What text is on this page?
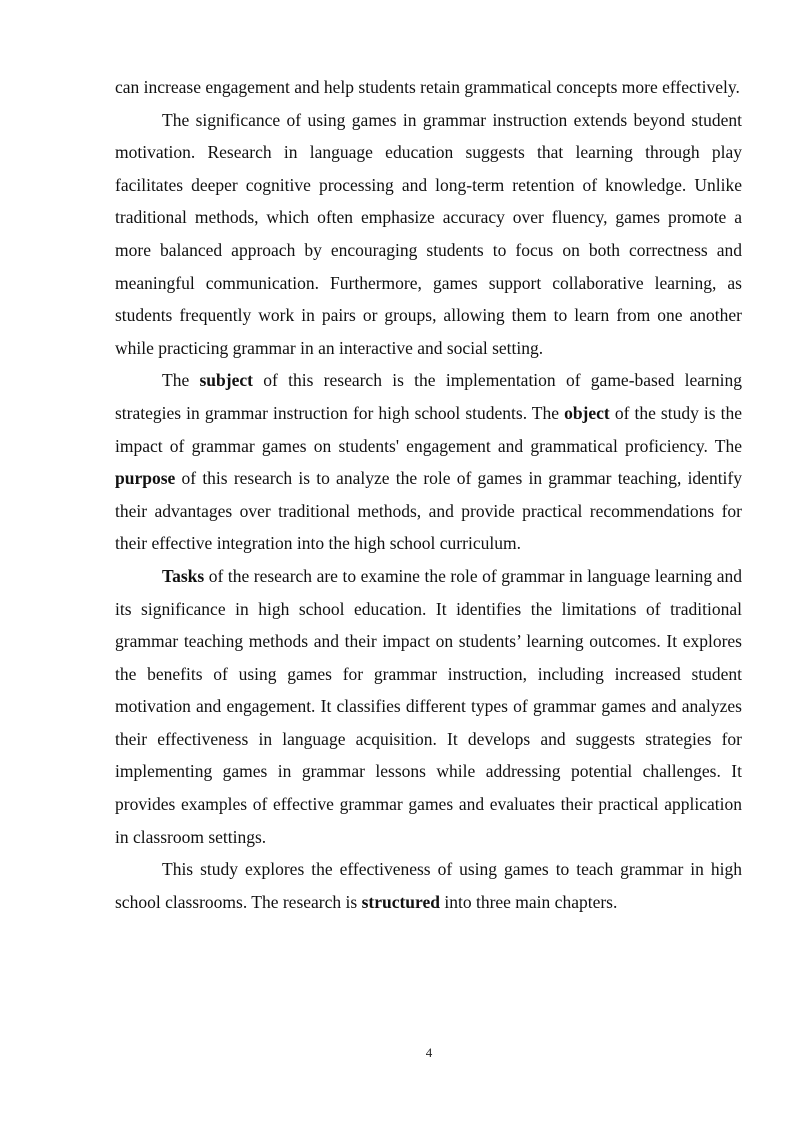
can increase engagement and help students retain grammatical concepts more effectively.

The significance of using games in grammar instruction extends beyond student motivation. Research in language education suggests that learning through play facilitates deeper cognitive processing and long-term retention of knowledge. Unlike traditional methods, which often emphasize accuracy over fluency, games promote a more balanced approach by encouraging students to focus on both correctness and meaningful communication. Furthermore, games support collaborative learning, as students frequently work in pairs or groups, allowing them to learn from one another while practicing grammar in an interactive and social setting.

The subject of this research is the implementation of game-based learning strategies in grammar instruction for high school students. The object of the study is the impact of grammar games on students' engagement and grammatical proficiency. The purpose of this research is to analyze the role of games in grammar teaching, identify their advantages over traditional methods, and provide practical recommendations for their effective integration into the high school curriculum.

Tasks of the research are to examine the role of grammar in language learning and its significance in high school education. It identifies the limitations of traditional grammar teaching methods and their impact on students’ learning outcomes. It explores the benefits of using games for grammar instruction, including increased student motivation and engagement. It classifies different types of grammar games and analyzes their effectiveness in language acquisition. It develops and suggests strategies for implementing games in grammar lessons while addressing potential challenges. It provides examples of effective grammar games and evaluates their practical application in classroom settings.

This study explores the effectiveness of using games to teach grammar in high school classrooms. The research is structured into three main chapters.

4
